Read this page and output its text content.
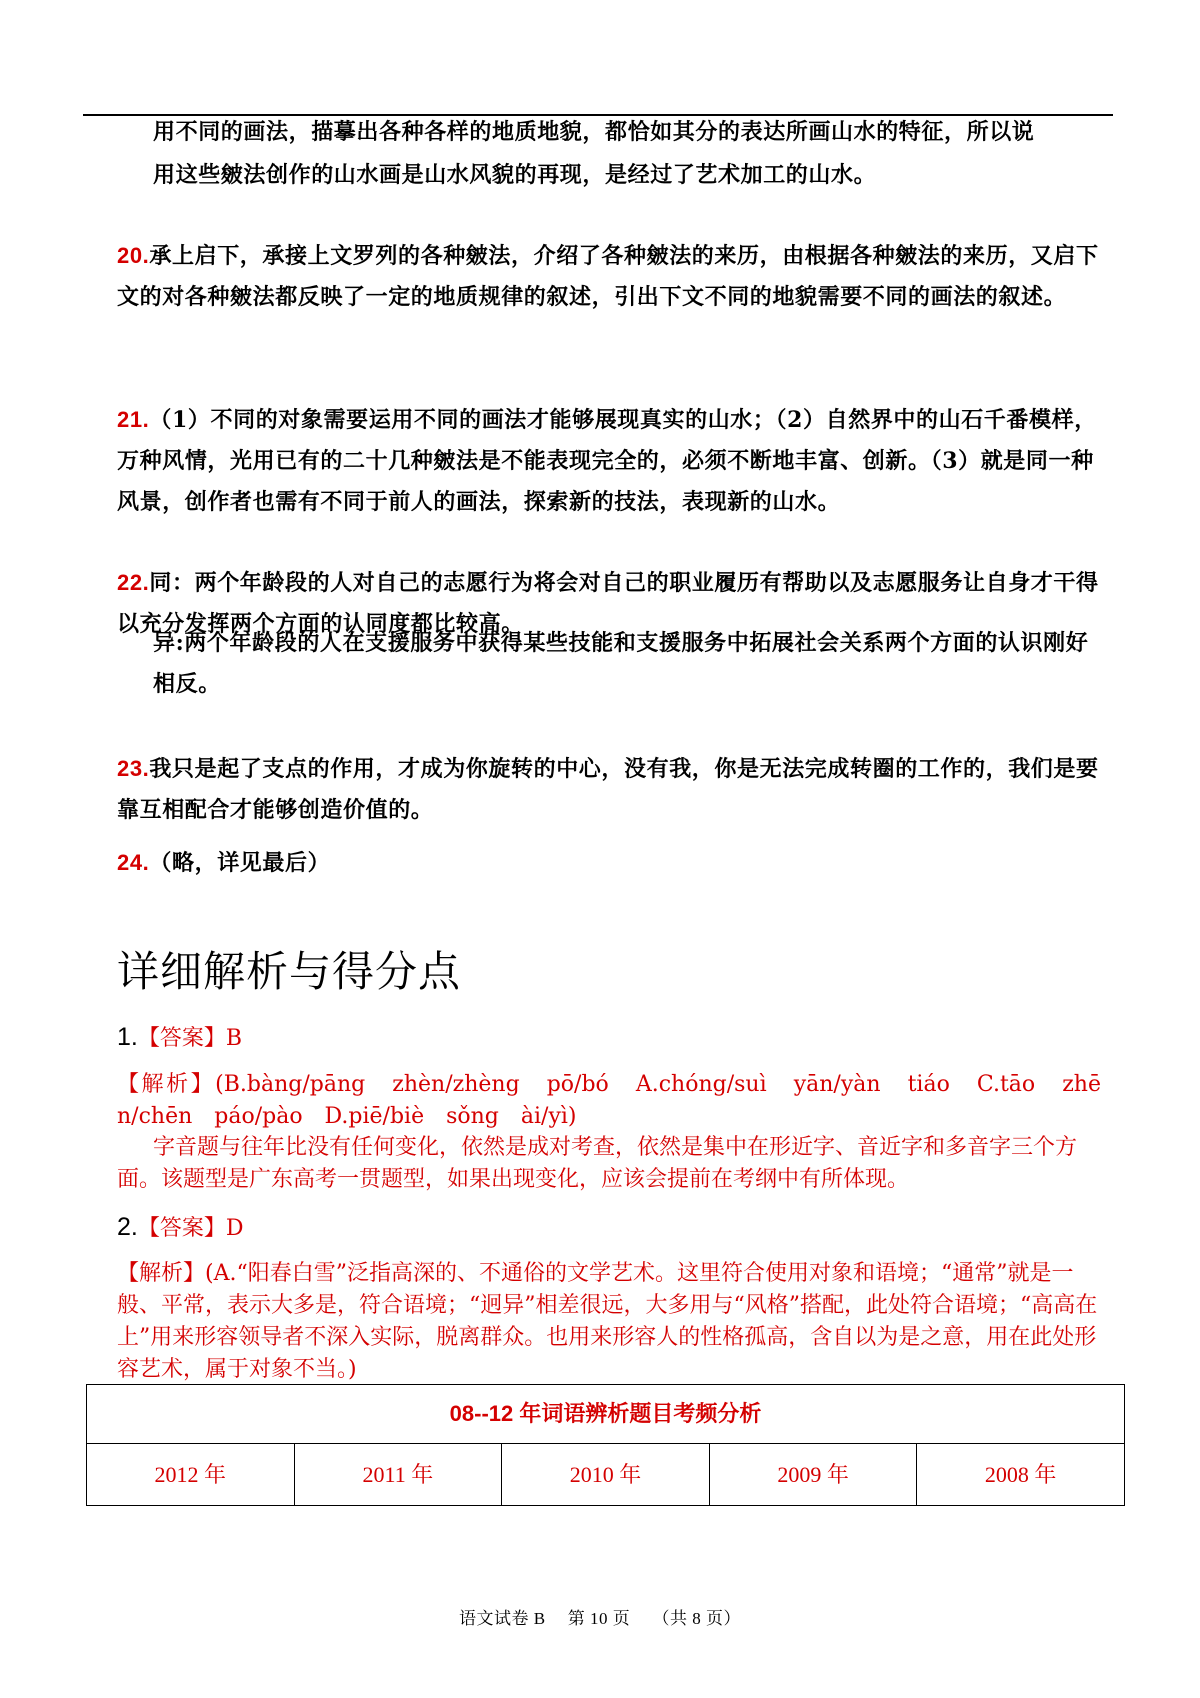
用不同的画法，描摹出各种各样的地质地貌，都恰如其分的表达所画山水的特征，所以说

用这些皴法创作的山水画是山水风貌的再现，是经过了艺术加工的山水。

20.承上启下，承接上文罗列的各种皴法，介绍了各种皴法的来历，由根据各种皴法的来历，又启下文的对各种皴法都反映了一定的地质规律的叙述，引出下文不同的地貌需要不同的画法的叙述。

21.（1）不同的对象需要运用不同的画法才能够展现真实的山水；（2）自然界中的山石千番模样，万种风情，光用已有的二十几种皴法是不能表现完全的，必须不断地丰富、创新。（3）就是同一种风景，创作者也需有不同于前人的画法，探索新的技法，表现新的山水。

22.同：两个年龄段的人对自己的志愿行为将会对自己的职业履历有帮助以及志愿服务让自身才干得以充分发挥两个方面的认同度都比较高。

异:两个年龄段的人在支援服务中获得某些技能和支援服务中拓展社会关系两个方面的认识刚好相反。

23.我只是起了支点的作用，才成为你旋转的中心，没有我，你是无法完成转圈的工作的，我们是要靠互相配合才能够创造价值的。

24.（略，详见最后）

详细解析与得分点
1.【答案】B

【解析】(B.bàng/pāng　zhèn/zhèng　pō/bó　A.chóng/suì　yān/yàn　tiáo　C.tāo　zhē

n/chēn　páo/pào　D.piē/biè　sǒng　ài/yì)

字音题与往年比没有任何变化，依然是成对考查，依然是集中在形近字、音近字和多音字三个方面。该题型是广东高考一贯题型，如果出现变化，应该会提前在考纲中有所体现。

2.【答案】D

【解析】(A.“阳春白雪”泛指高深的、不通俗的文学艺术。这里符合使用对象和语境；“通常”就是一般、平常，表示大多是，符合语境；“迥异”相差很远，大多用与“风格”搭配，此处符合语境；“高高在上”用来形容领导者不深入实际，脱离群众。也用来形容人的性格孤高，含自以为是之意，用在此处形容艺术，属于对象不当。)

08--12 年词语辨析题目考频分析
2012 年	2011 年	2010 年	2009 年	2008 年
语文试卷 B　 第 10 页　 （共 8 页）
